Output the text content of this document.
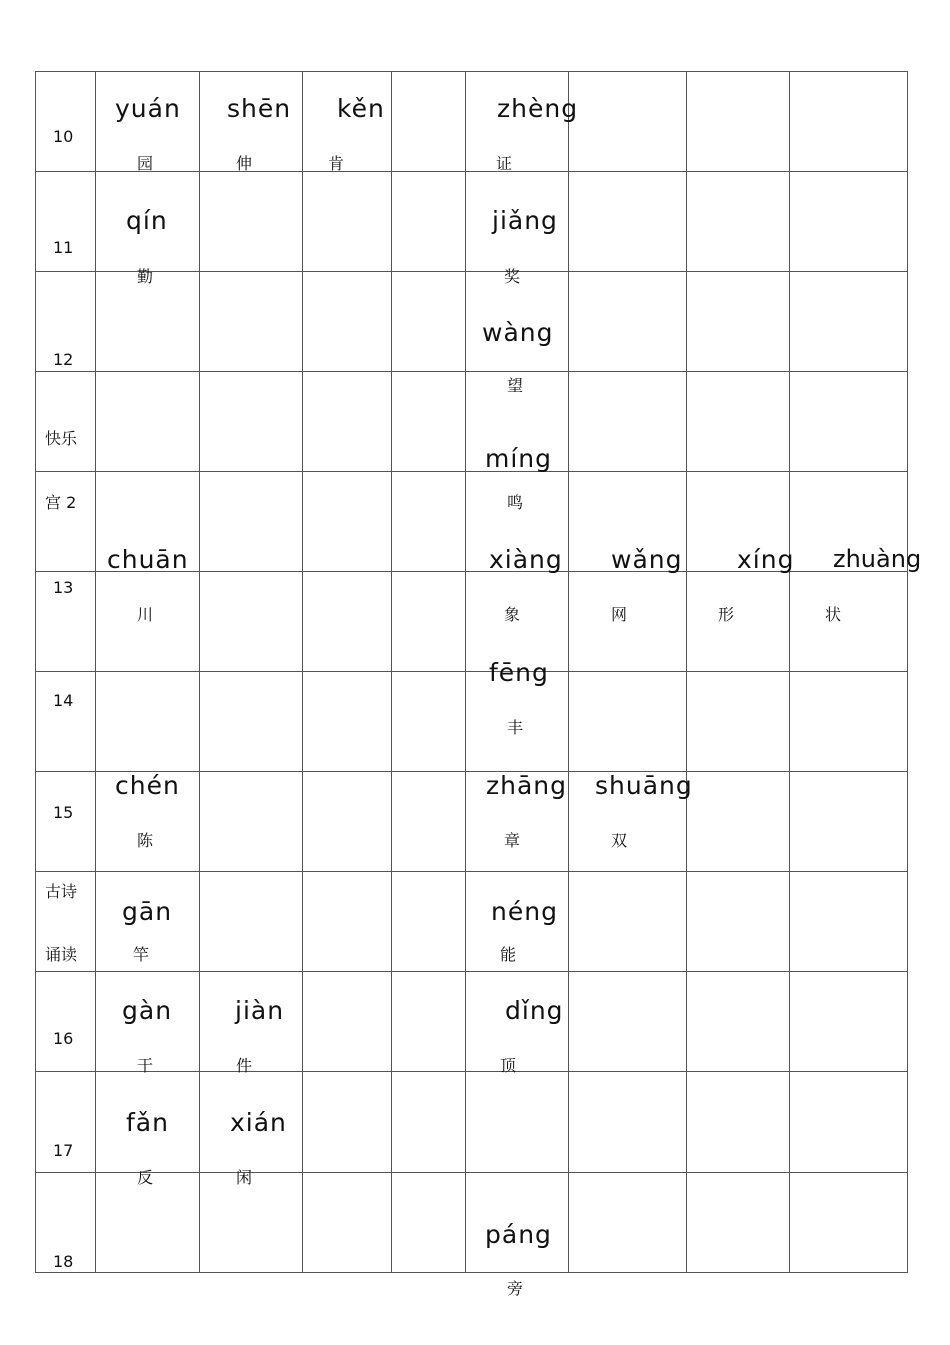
10
11
12
快乐
宫 2
13
14
15
古诗
诵读
16
17
18
yuán
园
shēn
伸
kěn
肯
zhèng
证
qín
勤
jiǎng
奖
wàng
望
míng
鸣
chuān
川
xiàng
象
wǎng
网
xíng
形
zhuàng
状
fēng
丰
chén
陈
zhāng
章
shuāng
双
gān
竿
néng
能
gàn
干
jiàn
件
dǐng
顶
fǎn
反
xián
闲
páng
旁
